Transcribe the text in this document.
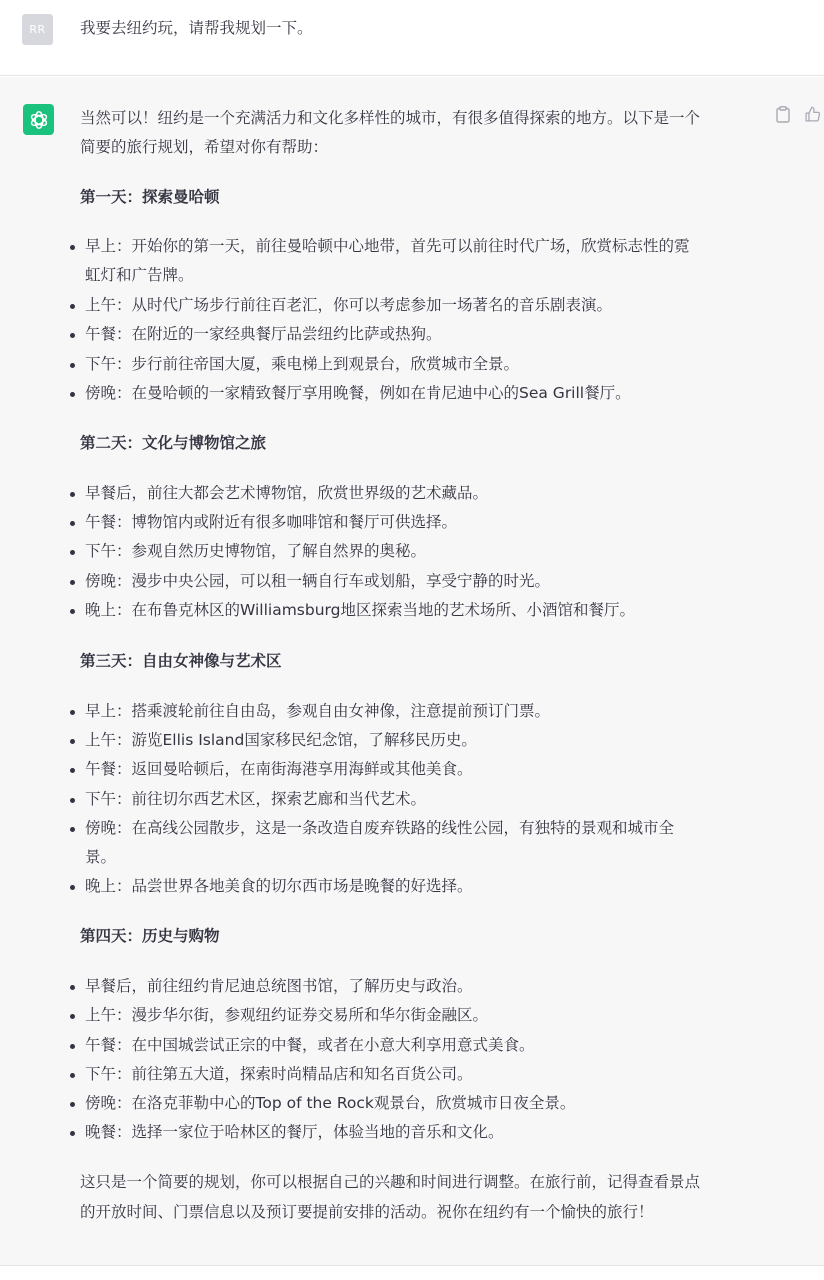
RR	我要去纽约玩，请帮我规划一下。
当然可以！纽约是一个充满活力和文化多样性的城市，有很多值得探索的地方。以下是一个
简要的旅行规划，希望对你有帮助：
第一天：探索曼哈顿
早上：开始你的第一天，前往曼哈顿中心地带，首先可以前往时代广场，欣赏标志性的霓
虹灯和广告牌。
上午：从时代广场步行前往百老汇，你可以考虑参加一场著名的音乐剧表演。
午餐：在附近的一家经典餐厅品尝纽约比萨或热狗。
下午：步行前往帝国大厦，乘电梯上到观景台，欣赏城市全景。
傍晚：在曼哈顿的一家精致餐厅享用晚餐，例如在肯尼迪中心的Sea Grill餐厅。
第二天：文化与博物馆之旅
早餐后，前往大都会艺术博物馆，欣赏世界级的艺术藏品。
午餐：博物馆内或附近有很多咖啡馆和餐厅可供选择。
下午：参观自然历史博物馆，了解自然界的奥秘。
傍晚：漫步中央公园，可以租一辆自行车或划船，享受宁静的时光。
晚上：在布鲁克林区的Williamsburg地区探索当地的艺术场所、小酒馆和餐厅。
第三天：自由女神像与艺术区
早上：搭乘渡轮前往自由岛，参观自由女神像，注意提前预订门票。
上午：游览Ellis Island国家移民纪念馆，了解移民历史。
午餐：返回曼哈顿后，在南街海港享用海鲜或其他美食。
下午：前往切尔西艺术区，探索艺廊和当代艺术。
傍晚：在高线公园散步，这是一条改造自废弃铁路的线性公园，有独特的景观和城市全
景。
晚上：品尝世界各地美食的切尔西市场是晚餐的好选择。
第四天：历史与购物
早餐后，前往纽约肯尼迪总统图书馆，了解历史与政治。
上午：漫步华尔街，参观纽约证券交易所和华尔街金融区。
午餐：在中国城尝试正宗的中餐，或者在小意大利享用意式美食。
下午：前往第五大道，探索时尚精品店和知名百货公司。
傍晚：在洛克菲勒中心的Top of the Rock观景台，欣赏城市日夜全景。
晚餐：选择一家位于哈林区的餐厅，体验当地的音乐和文化。
这只是一个简要的规划，你可以根据自己的兴趣和时间进行调整。在旅行前，记得查看景点
的开放时间、门票信息以及预订要提前安排的活动。祝你在纽约有一个愉快的旅行！
